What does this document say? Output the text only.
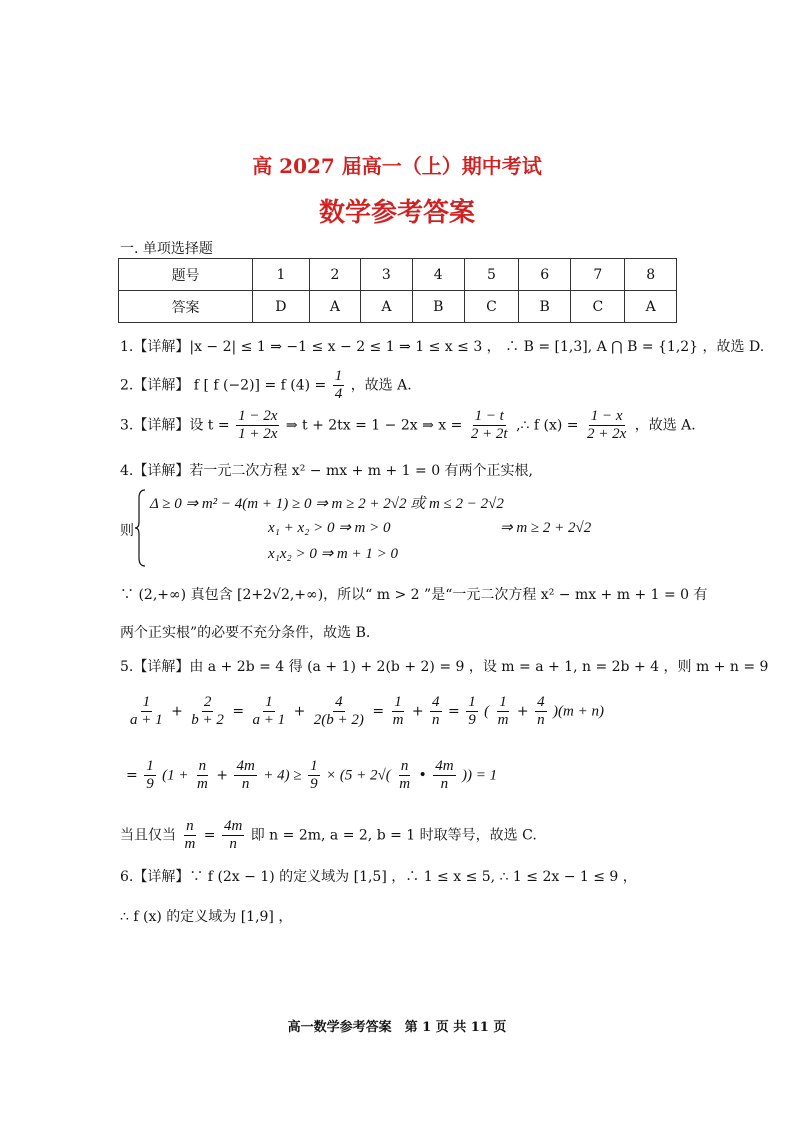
高 2027 届高一（上）期中考试
数学参考答案
一. 单项选择题
题号	1	2	3	4	5	6	7	8
答案	D	A	A	B	C	B	C	A
1.【详解】|x − 2| ≤ 1 ⇒ −1 ≤ x − 2 ≤ 1 ⇒ 1 ≤ x ≤ 3 ， ∴ B = [1,3], A ⋂ B = {1,2} ，故选 D.
2.【详解】 f [ f (−2)] = f $(4) = \frac{1}{4}$ ，故选 A.
3.【详解】设 $t = \frac{1 - 2x}{1 + 2x}$ ⇒ t + 2tx = 1 − 2x ⇒ $x = \frac{1 - t}{2 + 2t}$ ,∴ f $(x) = \frac{1 - x}{2 + 2x}$ ，故选 A.
4.【详解】若一元二次方程 x² − mx + m + 1 = 0 有两个正实根,
则
Δ ≥ 0 ⇒ m² − 4(m + 1) ≥ 0 ⇒ m ≥ 2 + 2√2 或 m ≤ 2 − 2√2
x₁ + x₂ > 0 ⇒ m > 0
x₁x₂ > 0 ⇒ m + 1 > 0
⇒ m ≥ 2 + 2√2
∵ (2,+∞) 真包含 [2+2√2,+∞)，所以“ m > 2 ”是“一元二次方程 x² − mx + m + 1 = 0 有
两个正实根”的必要不充分条件，故选 B.
5.【详解】由 a + 2b = 4 得 (a + 1) + 2(b + 2) = 9 ，设 m = a + 1, n = 2b + 4 ，则 m + n = 9
$\frac{1}{a + 1} + \frac{2}{b + 2} = \frac{1}{a + 1} + \frac{4}{2(b + 2)} = \frac{1}{m} + \frac{4}{n} = \frac{1}{9}$ ( $\frac{1}{m} + \frac{4}{n} )(m + n)$
= $\frac{1}{9} (1 + \frac{n}{m} + \frac{4m}{n} + 4) \ge \frac{1}{9} \times (5 + 2√( \frac{n}{m}$ • $\frac{4m}{n}$ )) = 1
当且仅当 $\frac{n}{m} = \frac{4m}{n}$ 即 n = 2m, a = 2, b = 1 时取等号，故选 C.
6.【详解】∵ f (2x − 1) 的定义域为 [1,5] ，∴ 1 ≤ x ≤ 5, ∴ 1 ≤ 2x − 1 ≤ 9 ，
∴ f (x) 的定义域为 [1,9] ，
高一数学参考答案　第 1 页 共 11 页
